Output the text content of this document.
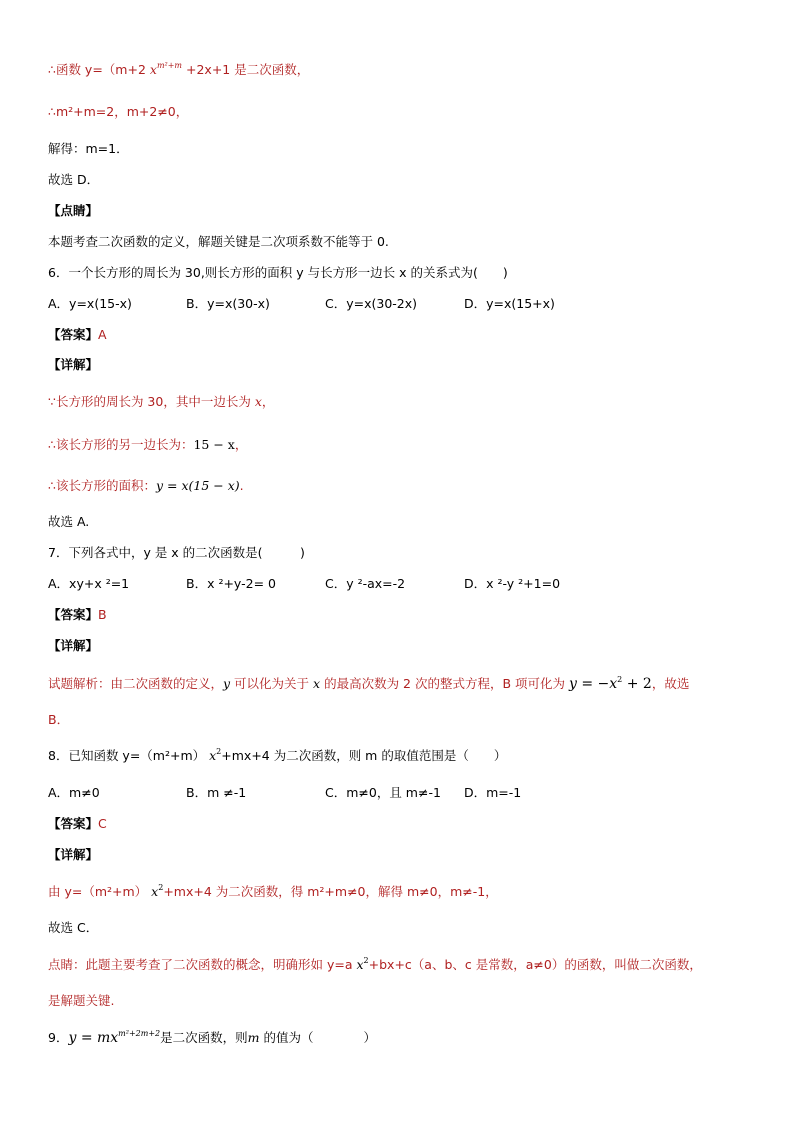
∴函数 y=（m+2 $x^{m^2+m} +2x+1$ 是二次函数，
∴m²+m=2，m+2≠0，
解得：m=1．
故选 D．
【点睛】
本题考查二次函数的定义，解题关键是二次项系数不能等于 0.
6．一个长方形的周长为 30,则长方形的面积 y 与长方形一边长 x 的关系式为(　　)
A．y=x(15-x)	B．y=x(30-x)	C．y=x(30-2x)	D．y=x(15+x)
【答案】A
【详解】
∵长方形的周长为 30，其中一边长为 x，
∴该长方形的另一边长为：15 − x，
∴该长方形的面积：y = x(15 − x).
故选 A.
7．下列各式中，y 是 x 的二次函数是(　　　)
A．xy+x ²=1	B．x ²+y-2= 0	C．y ²-ax=-2	D．x ²-y ²+1=0
【答案】B
【详解】
试题解析：由二次函数的定义，y 可以化为关于 x 的最高次数为 2 次的整式方程，B 项可化为 $y = -x^2 + 2$，故选
B．
8．已知函数 y=（m²+m） $x^2+mx+4$ 为二次函数，则 m 的取值范围是（　　）
A．m≠0	B．m ≠-1	C．m≠0，且 m≠-1 D．m=-1
【答案】C
【详解】
由 y=（m²+m） $x^2+mx+4$ 为二次函数，得 m²+m≠0，解得 m≠0，m≠-1，
故选 C．
点睛：此题主要考查了二次函数的概念，明确形如 y=a $x^2+bx+c(a$、b、c 是常数，a≠0）的函数，叫做二次函数，
是解题关键.
9．$y = mx^{m^2+2m+2}$是二次函数，则m 的值为（　　　　）
